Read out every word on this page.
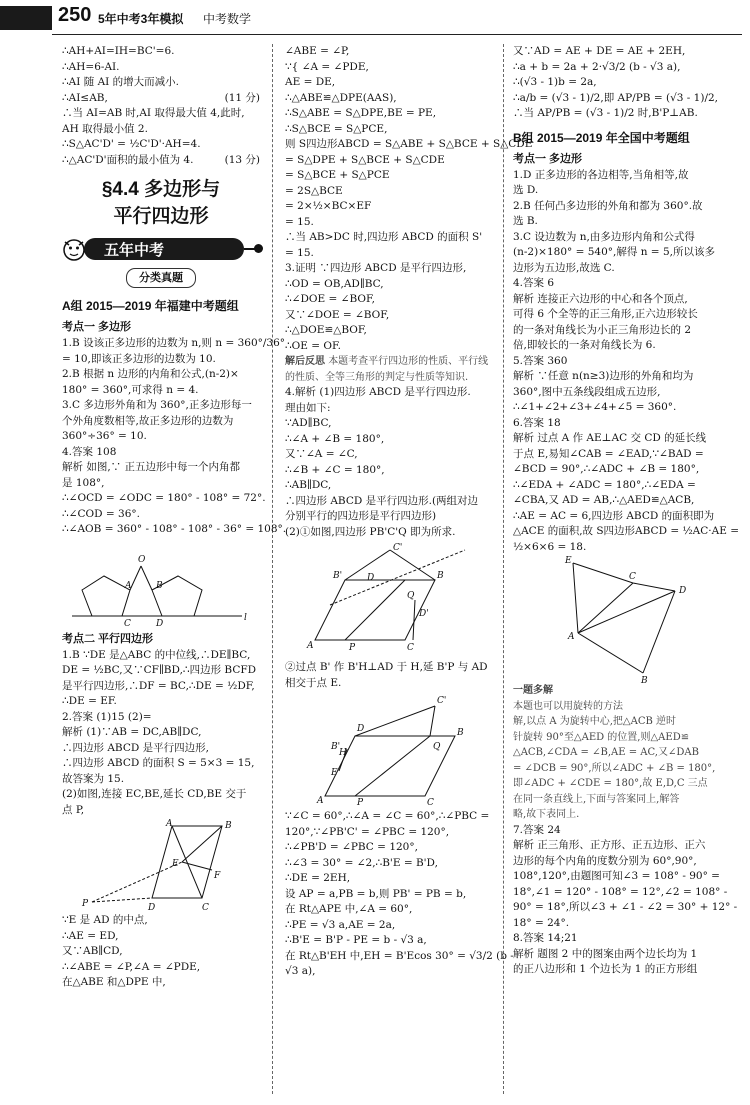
250 5年中考3年模拟 中考数学
∴AH+AI=IH=BC'=6.
∴AH=6-AI.
∴AI 随 AI 的增大而减小.
∴AI≤AB,	(11 分)
∴当 AI=AB 时,AI 取得最大值 4,此时,
AH 取得最小值 2.
∴S△AC'D' = ½C'D'·AH=4.
∴△AC'D'面积的最小值为 4.	(13 分)
§4.4 多边形与
平行四边形
五年中考
分类真题
A组 2015—2019 年福建中考题组
考点一 多边形
1.B 设该正多边形的边数为 n,则 n = 360°/36°
= 10,即该正多边形的边数为 10.
2.B 根据 n 边形的内角和公式,(n-2)×
180° = 360°,可求得 n = 4.
3.C 多边形外角和为 360°,正多边形每一
个外角度数相等,故正多边形的边数为
360°÷36° = 10.
4.答案 108
解析 如图,∵ 正五边形中每一个内角都
是 108°,
∴∠OCD = ∠ODC = 180° - 108° = 72°.
∴∠COD = 36°.
∴∠AOB = 360° - 108° - 108° - 36° = 108°.
A	B
O
C	D
l
考点二 平行四边形
1.B ∵DE 是△ABC 的中位线,∴DE∥BC,
DE = ½BC,又∵CF∥BD,∴四边形 BCFD
是平行四边形,∴DF = BC,∴DE = ½DF,
∴DE = EF.
2.答案 (1)15 (2)=
解析 (1)∵AB = DC,AB∥DC,
∴四边形 ABCD 是平行四边形,
∴四边形 ABCD 的面积 S = 5×3 = 15,
故答案为 15.
(2)如图,连接 EC,BE,延长 CD,BE 交于
点 P,
A	B
E
F
P	D	C
∵E 是 AD 的中点,
∴AE = ED,
又∵AB∥CD,
∴∠ABE = ∠P,∠A = ∠PDE,
在△ABE 和△DPE 中,
∠ABE = ∠P,
∵{ ∠A = ∠PDE,
AE = DE,
∴△ABE≌△DPE(AAS),
∴S△ABE = S△DPE,BE = PE,
∴S△BCE = S△PCE,
则 S四边形ABCD = S△ABE + S△BCE + S△CDE
= S△DPE + S△BCE + S△CDE
= S△BCE + S△PCE
= 2S△BCE
= 2×½×BC×EF
= 15.
∴当 AB>DC 时,四边形 ABCD 的面积 S'
= 15.
3.证明 ∵四边形 ABCD 是平行四边形,
∴OD = OB,AD∥BC,
∴∠DOE = ∠BOF,
又∵∠DOE = ∠BOF,
∴△DOE≌△BOF,
∴OE = OF.
解后反思 本题考查平行四边形的性质、平行线的性质、全等三角形的判定与性质等知识.
4.解析 (1)四边形 ABCD 是平行四边形.
理由如下:
∵AD∥BC,
∴∠A + ∠B = 180°,
又∵∠A = ∠C,
∴∠B + ∠C = 180°,
∴AB∥DC,
∴四边形 ABCD 是平行四边形.(两组对边
分别平行的四边形是平行四边形)
(2)①如图,四边形 PB'C'Q 即为所求.
A
B
C
D
B'
C'
Q
D'
P
②过点 B' 作 B'H⊥AD 于 H,延 B'P 与 AD
相交于点 E.
A
B
C
D
B'
C'
H
E
P
Q
∵∠C = 60°,∴∠A = ∠C = 60°,∴∠PBC =
120°,∵∠PB'C' = ∠PBC = 120°,
∴∠PB'D = ∠PBC = 120°,
∴∠3 = 30° = ∠2,∴B'E = B'D,
∴DE = 2EH,
设 AP = a,PB = b,则 PB' = PB = b,
在 Rt△APE 中,∠A = 60°,
∴PE = √3 a,AE = 2a,
∴B'E = B'P - PE = b - √3 a,
在 Rt△B'EH 中,EH = B'Ecos 30° = √3/2 (b -
√3 a),
又∵AD = AE + DE = AE + 2EH,
∴a + b = 2a + 2·√3/2 (b - √3 a),
∴(√3 - 1)b = 2a,
∴a/b = (√3 - 1)/2,即 AP/PB = (√3 - 1)/2,
∴当 AP/PB = (√3 - 1)/2 时,B'P⊥AB.
B组 2015—2019 年全国中考题组
考点一 多边形
1.D 正多边形的各边相等,当角相等,故
选 D.
2.B 任何凸多边形的外角和都为 360°.故
选 B.
3.C 设边数为 n,由多边形内角和公式得
(n-2)×180° = 540°,解得 n = 5,所以该多
边形为五边形,故选 C.
4.答案 6
解析 连接正六边形的中心和各个顶点,
可得 6 个全等的正三角形,正六边形较长
的一条对角线长为小正三角形边长的 2
倍,即较长的一条对角线长为 6.
5.答案 360
解析 ∵任意 n(n≥3)边形的外角和均为
360°,图中五条线段组成五边形,
∴∠1+∠2+∠3+∠4+∠5 = 360°.
6.答案 18
解析 过点 A 作 AE⊥AC 交 CD 的延长线
于点 E,易知∠CAB = ∠EAD,∵∠BAD =
∠BCD = 90°,∴∠ADC + ∠B = 180°,
∴∠EDA + ∠ADC = 180°,∴∠EDA =
∠CBA,又 AD = AB,∴△AED≌△ACB,
∴AE = AC = 6,四边形 ABCD 的面积即为
△ACE 的面积,故 S四边形ABCD = ½AC·AE =
½×6×6 = 18.
E
C
D
A
B
一题多解
本题也可以用旋转的方法
解,以点 A 为旋转中心,把△ACB 逆时
针旋转 90°至△AED 的位置,则△AED≌
△ACB,∠CDA = ∠B,AE = AC,又∠DAB
= ∠DCB = 90°,所以∠ADC + ∠B = 180°,
即∠ADC + ∠CDE = 180°,故 E,D,C 三点
在同一条直线上,下面与答案同上,解答
略,故下表同上.
7.答案 24
解析 正三角形、正方形、正五边形、正六
边形的每个内角的度数分别为 60°,90°,
108°,120°,由题图可知∠3 = 108° - 90° =
18°,∠1 = 120° - 108° = 12°,∠2 = 108° -
90° = 18°,所以∠3 + ∠1 - ∠2 = 30° + 12° -
18° = 24°.
8.答案 14;21
解析 题图 2 中的图案由两个边长均为 1
的正八边形和 1 个边长为 1 的正方形组
